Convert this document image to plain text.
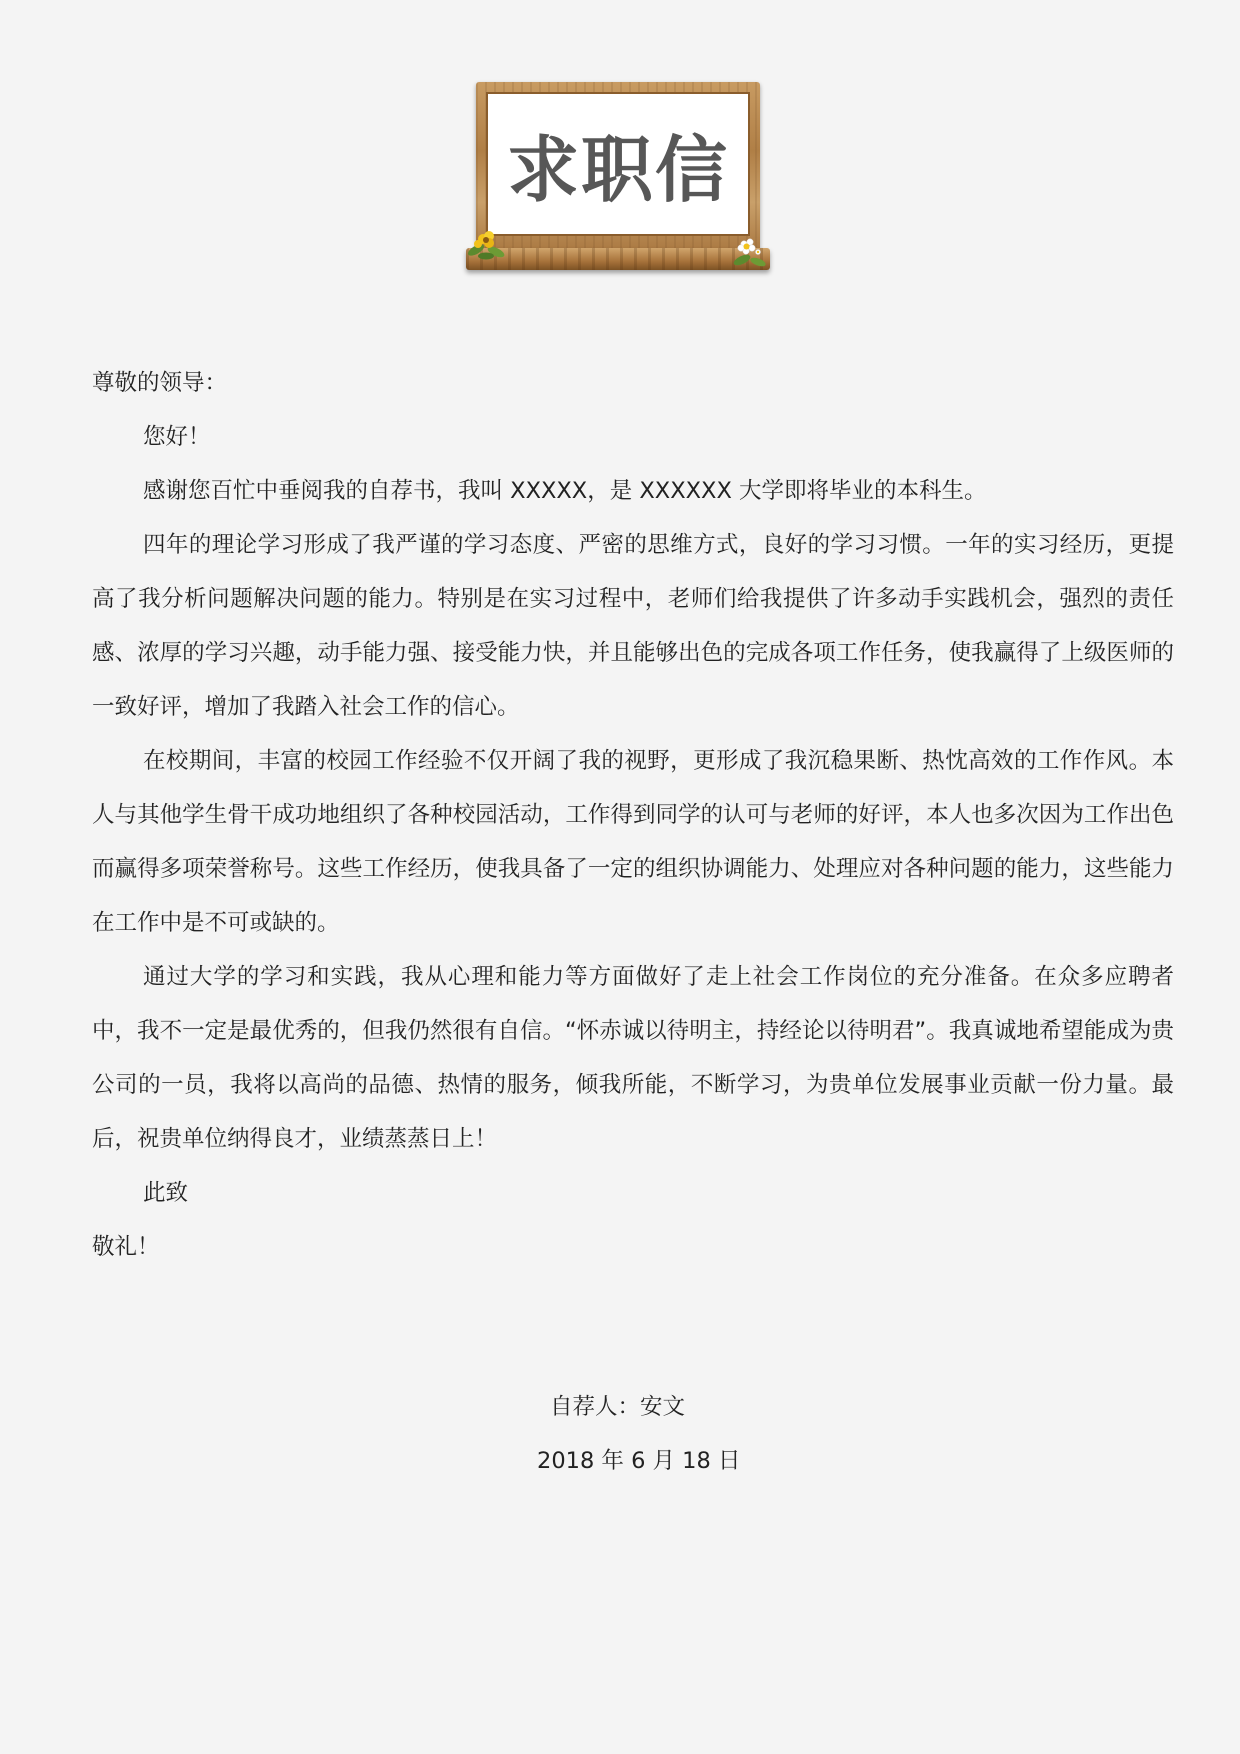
求职信

尊敬的领导：

您好！

感谢您百忙中垂阅我的自荐书，我叫 XXXXX，是 XXXXXX 大学即将毕业的本科生。

四年的理论学习形成了我严谨的学习态度、严密的思维方式，良好的学习习惯。一年的实习经历，更提高了我分析问题解决问题的能力。特别是在实习过程中，老师们给我提供了许多动手实践机会，强烈的责任感、浓厚的学习兴趣，动手能力强、接受能力快，并且能够出色的完成各项工作任务，使我赢得了上级医师的一致好评，增加了我踏入社会工作的信心。

在校期间，丰富的校园工作经验不仅开阔了我的视野，更形成了我沉稳果断、热忱高效的工作作风。本人与其他学生骨干成功地组织了各种校园活动，工作得到同学的认可与老师的好评，本人也多次因为工作出色而赢得多项荣誉称号。这些工作经历，使我具备了一定的组织协调能力、处理应对各种问题的能力，这些能力在工作中是不可或缺的。

通过大学的学习和实践，我从心理和能力等方面做好了走上社会工作岗位的充分准备。在众多应聘者中，我不一定是最优秀的，但我仍然很有自信。“怀赤诚以待明主，持经论以待明君”。我真诚地希望能成为贵公司的一员，我将以高尚的品德、热情的服务，倾我所能，不断学习，为贵单位发展事业贡献一份力量。最后，祝贵单位纳得良才，业绩蒸蒸日上！

此致

敬礼！

自荐人：安文

2018 年 6 月 18 日
